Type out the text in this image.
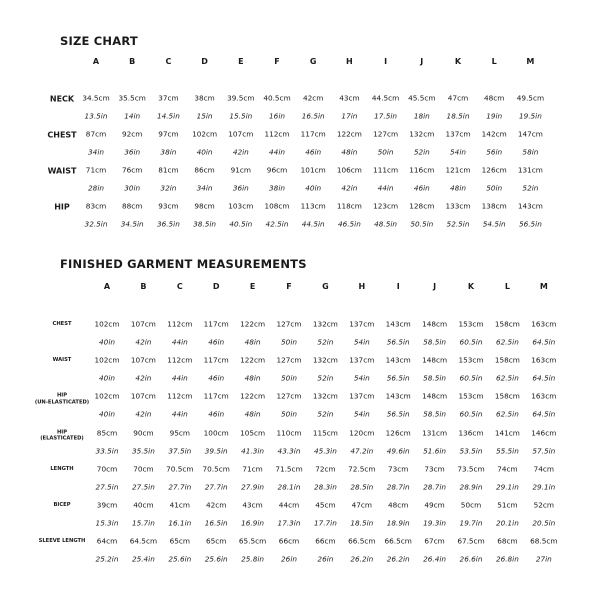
SIZE CHART
A	B	C	D	E	F	G	H	I	J	K	L	M
NECK 34.5cm 35.5cm 37cm 38cm 39.5cm 40.5cm 42cm 43cm 44.5cm 45.5cm 47cm 48cm 49.5cm
13.5in 14in 14.5in 15in 15.5in 16in 16.5in 17in 17.5in 18in 18.5in 19in 19.5in
CHEST 87cm 92cm 97cm 102cm 107cm 112cm 117cm 122cm 127cm 132cm 137cm 142cm 147cm
34in	36in	38in	40in	42in	44in	46in	48in	50in	52in	54in	56in	58in
WAIST 71cm 76cm 81cm 86cm 91cm 96cm 101cm 106cm 111cm 116cm 121cm 126cm 131cm
28in	30in	32in	34in	36in	38in	40in	42in	44in	46in	48in	50in	52in
HIP 83cm 88cm 93cm 98cm 103cm 108cm 113cm 118cm 123cm 128cm 133cm 138cm 143cm
32.5in 34.5in 36.5in 38.5in 40.5in 42.5in 44.5in 46.5in 48.5in 50.5in 52.5in 54.5in 56.5in
FINISHED GARMENT MEASUREMENTS
A	B	C	D	E	F	G	H	I	J	K	L	M
CHEST	102cm 107cm 112cm 117cm 122cm 127cm 132cm 137cm 143cm 148cm 153cm 158cm 163cm
40in	42in	44in	46in	48in	50in	52in	54in 56.5in 58.5in 60.5in 62.5in 64.5in
WAIST	102cm 107cm 112cm 117cm 122cm 127cm 132cm 137cm 143cm 148cm 153cm 158cm 163cm
40in	42in	44in	46in	48in	50in	52in	54in 56.5in 58.5in 60.5in 62.5in 64.5in
HIP
(UN-ELASTICATED)
102cm 107cm 112cm 117cm 122cm 127cm 132cm 137cm 143cm 148cm 153cm 158cm 163cm
40in	42in	44in	46in	48in	50in	52in	54in 56.5in 58.5in 60.5in 62.5in 64.5in
HIP
(ELASTICATED)
85cm 90cm 95cm 100cm 105cm 110cm 115cm 120cm 126cm 131cm 136cm 141cm 146cm
33.5in 35.5in 37.5in 39.5in 41.3in 43.3in 45.3in 47.2in 49.6in 51.6in 53.5in 55.5in 57.5in
LENGTH	70cm 70cm 70.5cm 70.5cm 71cm 71.5cm 72cm 72.5cm 73cm 73cm 73.5cm 74cm 74cm
27.5in 27.5in 27.7in 27.7in 27.9in 28.1in 28.3in 28.5in 28.7in 28.7in 28.9in 29.1in 29.1in
BICEP	39cm 40cm 41cm 42cm 43cm 44cm 45cm 47cm 48cm 49cm 50cm 51cm 52cm
15.3in 15.7in 16.1in 16.5in 16.9in 17.3in 17.7in 18.5in 18.9in 19.3in 19.7in 20.1in 20.5in
SLEEVE LENGTH 64cm 64.5cm 65cm 65cm 65.5cm 66cm 66cm 66.5cm 66.5cm 67cm 67.5cm 68cm 68.5cm
25.2in 25.4in 25.6in 25.6in 25.8in 26in	26in 26.2in 26.2in 26.4in 26.6in 26.8in 27in
